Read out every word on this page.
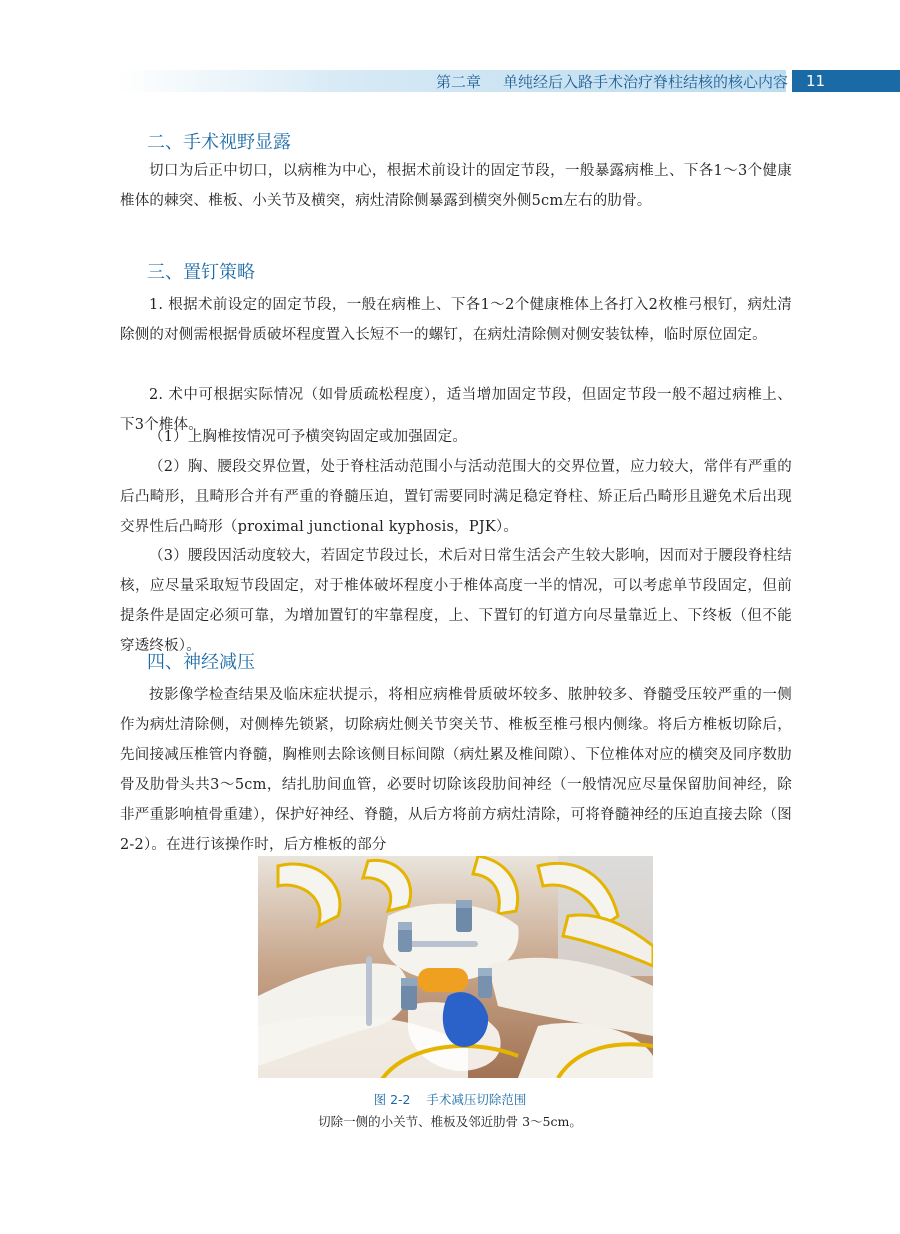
第二章 单纯经后入路手术治疗脊柱结核的核心内容	11
二、手术视野显露

切口为后正中切口，以病椎为中心，根据术前设计的固定节段，一般暴露病椎上、下各1～3个健康椎体的棘突、椎板、小关节及横突，病灶清除侧暴露到横突外侧5cm左右的肋骨。

三、置钉策略

1. 根据术前设定的固定节段，一般在病椎上、下各1～2个健康椎体上各打入2枚椎弓根钉，病灶清除侧的对侧需根据骨质破坏程度置入长短不一的螺钉，在病灶清除侧对侧安装钛棒，临时原位固定。

2. 术中可根据实际情况（如骨质疏松程度），适当增加固定节段，但固定节段一般不超过病椎上、下3个椎体。

（1）上胸椎按情况可予横突钩固定或加强固定。

（2）胸、腰段交界位置，处于脊柱活动范围小与活动范围大的交界位置，应力较大，常伴有严重的后凸畸形，且畸形合并有严重的脊髓压迫，置钉需要同时满足稳定脊柱、矫正后凸畸形且避免术后出现交界性后凸畸形（proximal junctional kyphosis，PJK）。

（3）腰段因活动度较大，若固定节段过长，术后对日常生活会产生较大影响，因而对于腰段脊柱结核，应尽量采取短节段固定，对于椎体破坏程度小于椎体高度一半的情况，可以考虑单节段固定，但前提条件是固定必须可靠，为增加置钉的牢靠程度，上、下置钉的钉道方向尽量靠近上、下终板（但不能穿透终板）。

四、神经减压

按影像学检查结果及临床症状提示，将相应病椎骨质破坏较多、脓肿较多、脊髓受压较严重的一侧作为病灶清除侧，对侧棒先锁紧，切除病灶侧关节突关节、椎板至椎弓根内侧缘。将后方椎板切除后，先间接减压椎管内脊髓，胸椎则去除该侧目标间隙（病灶累及椎间隙）、下位椎体对应的横突及同序数肋骨及肋骨头共3～5cm，结扎肋间血管，必要时切除该段肋间神经（一般情况应尽量保留肋间神经，除非严重影响植骨重建），保护好神经、脊髓，从后方将前方病灶清除，可将脊髓神经的压迫直接去除（图2-2）。在进行该操作时，后方椎板的部分

图 2-2 手术减压切除范围
切除一侧的小关节、椎板及邻近肋骨 3～5cm。
